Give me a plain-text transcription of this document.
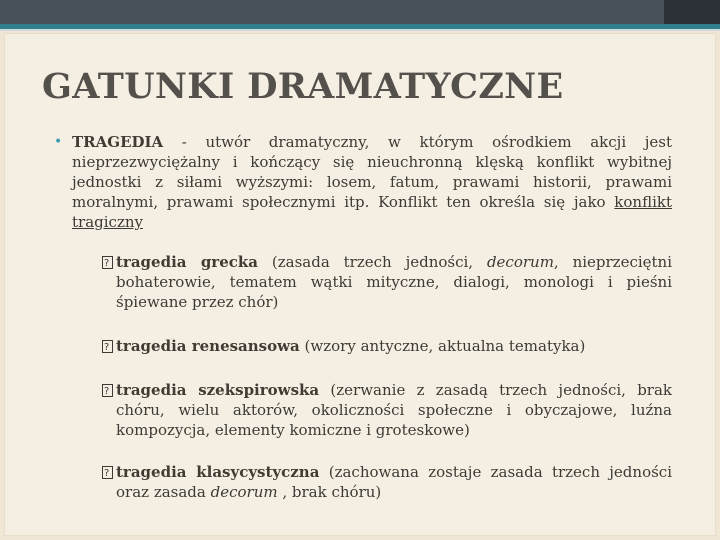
GATUNKI DRAMATYCZNE

• TRAGEDIA - utwór dramatyczny, w którym ośrodkiem akcji jest nieprzezwyciężalny i kończący się nieuchronną klęską konflikt wybitnej jednostki z siłami wyższymi: losem, fatum, prawami historii, prawami moralnymi, prawami społecznymi itp. Konflikt ten określa się jako konflikt tragiczny

?
tragedia grecka (zasada trzech jedności, decorum, nieprzeciętni bohaterowie, tematem wątki mityczne, dialogi, monologi i pieśni śpiewane przez chór)

?
tragedia renesansowa (wzory antyczne, aktualna tematyka)

?
tragedia szekspirowska (zerwanie z zasadą trzech jedności, brak chóru, wielu aktorów, okoliczności społeczne i obyczajowe, luźna kompozycja, elementy komiczne i groteskowe)

?
tragedia klasycystyczna (zachowana zostaje zasada trzech jedności oraz zasada decorum , brak chóru)
